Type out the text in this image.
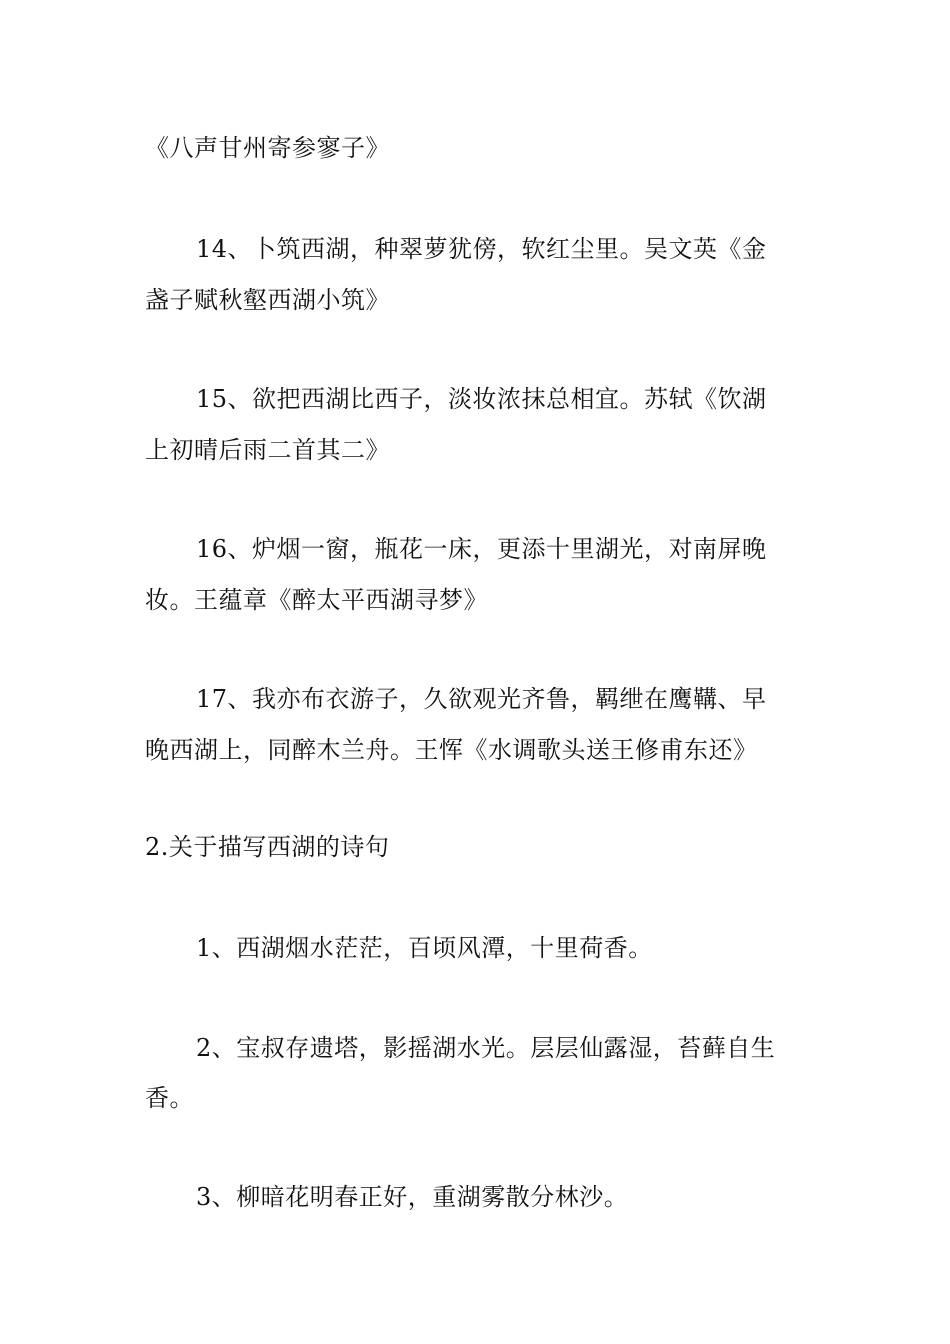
《八声甘州寄参寥子》
14、卜筑西湖，种翠萝犹傍，软红尘里。吴文英《金
盏子赋秋壑西湖小筑》
15、欲把西湖比西子，淡妆浓抹总相宜。苏轼《饮湖
上初晴后雨二首其二》
16、炉烟一窗，瓶花一床，更添十里湖光，对南屏晚
妆。王蕴章《醉太平西湖寻梦》
17、我亦布衣游子，久欲观光齐鲁，羁绁在鹰鞲、早
晚西湖上，同醉木兰舟。王恽《水调歌头送王修甫东还》
2.关于描写西湖的诗句
1、西湖烟水茫茫，百顷风潭，十里荷香。
2、宝叔存遗塔，影摇湖水光。层层仙露湿，苔藓自生
香。
3、柳暗花明春正好，重湖雾散分林沙。
